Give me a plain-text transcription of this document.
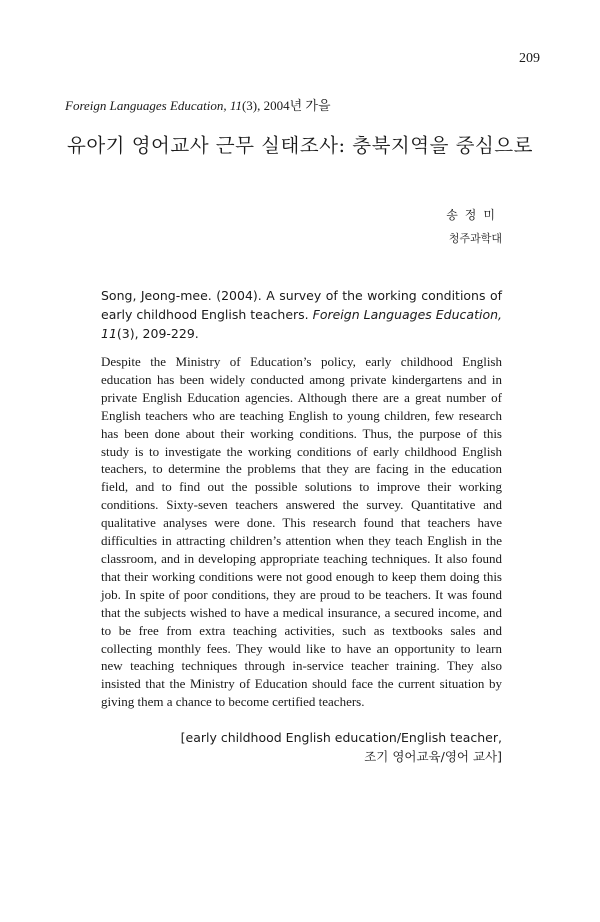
209
Foreign Languages Education, 11(3), 2004년 가을
유아기 영어교사 근무 실태조사: 충북지역을 중심으로
송정미
청주과학대
Song, Jeong-mee. (2004). A survey of the working conditions of early childhood English teachers. Foreign Languages Education, 11(3), 209-229.

Despite the Ministry of Education’s policy, early childhood English education has been widely conducted among private kindergartens and in private English Education agencies. Although there are a great number of English teachers who are teaching English to young children, few research has been done about their working conditions. Thus, the purpose of this study is to investigate the working conditions of early childhood English teachers, to determine the problems that they are facing in the education field, and to find out the possible solutions to improve their working conditions. Sixty-seven teachers answered the survey. Quantitative and qualitative analyses were done. This research found that teachers have difficulties in attracting children’s attention when they teach English in the classroom, and in developing appropriate teaching techniques. It also found that their working conditions were not good enough to keep them doing this job. In spite of poor conditions, they are proud to be teachers. It was found that the subjects wished to have a medical insurance, a secured income, and to be free from extra teaching activities, such as textbooks sales and collecting monthly fees. They would like to have an opportunity to learn new teaching techniques through in-service teacher training. They also insisted that the Ministry of Education should face the current situation by giving them a chance to become certified teachers.

[early childhood English education/English teacher,
조기 영어교육/영어 교사]
